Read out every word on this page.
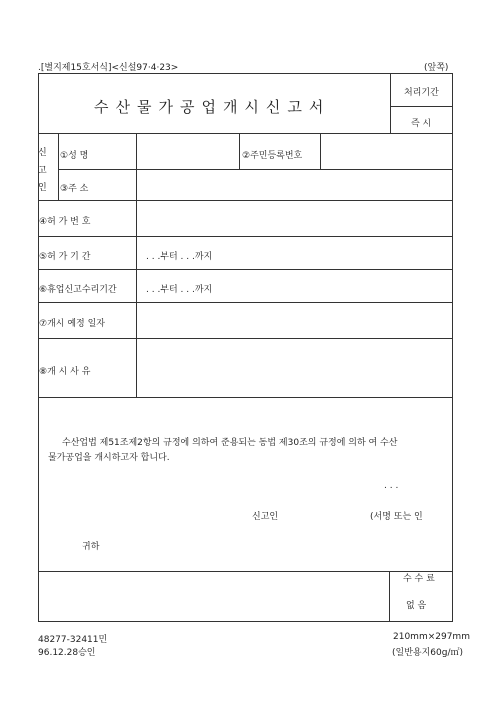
.[별지제15호서식]<신설97·4·23>	(앞쪽)
수산물가공업개시신고서
처리기간
즉 시
신
고
인
①성 명	②주민등록번호
③주 소
④허 가 번 호
⑤허 가 기 간	. . .부터 . . .까지
⑥휴업신고수리기간	. . .부터 . . .까지
⑦개시 예정 일자
⑧개 시 사 유
수산업법 제51조제2항의 규정에 의하여 준용되는 동법 제30조의 규정에 의하 여 수산
물가공업을 개시하고자 합니다.
. . .
신고인	(서명 또는 인
귀하
수 수 료
없 음
48277-32411민
96.12.28승인
210mm×297mm
(일반용지60g/㎡)
